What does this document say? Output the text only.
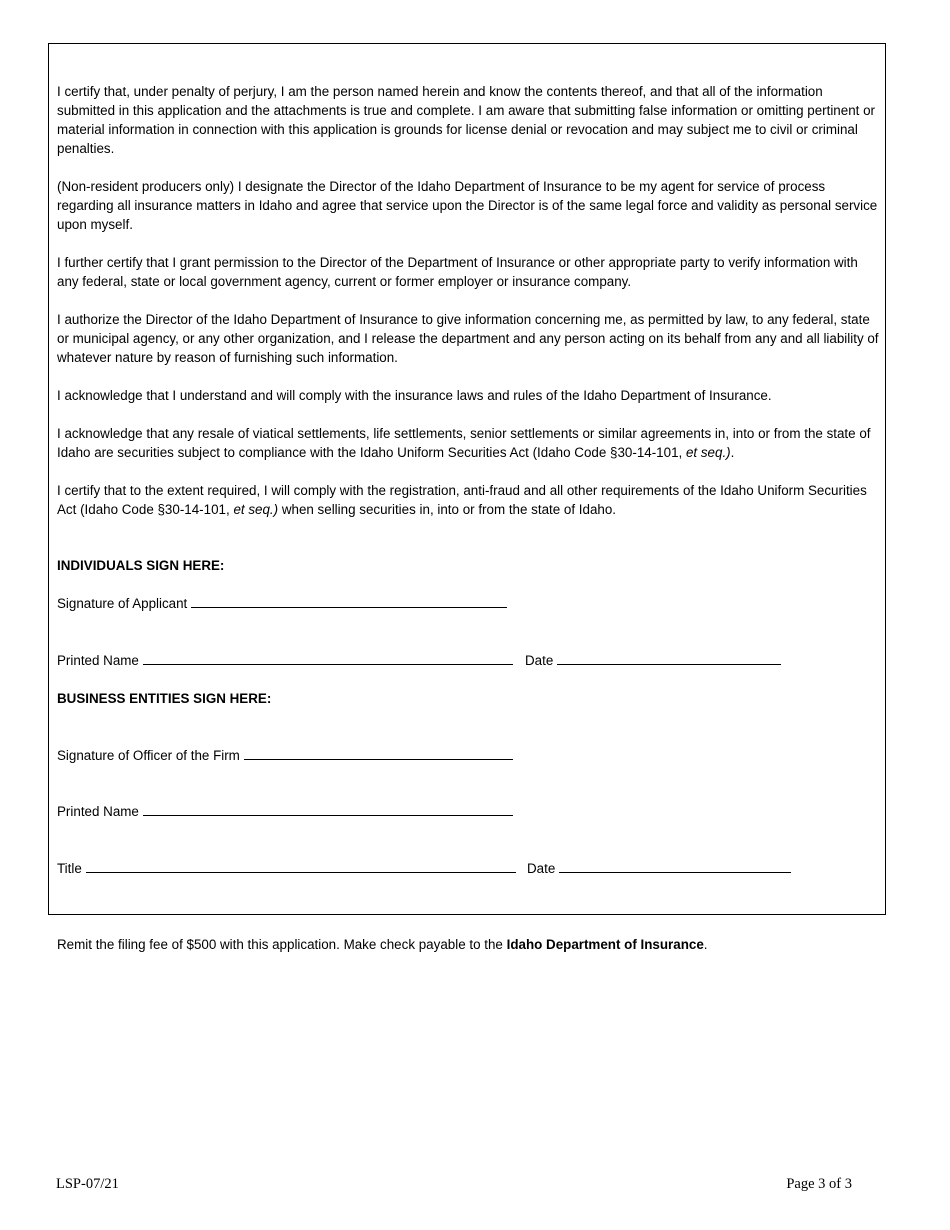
I certify that, under penalty of perjury, I am the person named herein and know the contents thereof, and that all of the information submitted in this application and the attachments is true and complete. I am aware that submitting false information or omitting pertinent or material information in connection with this application is grounds for license denial or revocation and may subject me to civil or criminal penalties.

(Non-resident producers only) I designate the Director of the Idaho Department of Insurance to be my agent for service of process regarding all insurance matters in Idaho and agree that service upon the Director is of the same legal force and validity as personal service upon myself.

I further certify that I grant permission to the Director of the Department of Insurance or other appropriate party to verify information with any federal, state or local government agency, current or former employer or insurance company.

I authorize the Director of the Idaho Department of Insurance to give information concerning me, as permitted by law, to any federal, state or municipal agency, or any other organization, and I release the department and any person acting on its behalf from any and all liability of whatever nature by reason of furnishing such information.

I acknowledge that I understand and will comply with the insurance laws and rules of the Idaho Department of Insurance.

I acknowledge that any resale of viatical settlements, life settlements, senior settlements or similar agreements in, into or from the state of Idaho are securities subject to compliance with the Idaho Uniform Securities Act (Idaho Code §30-14-101, et seq.).

I certify that to the extent required, I will comply with the registration, anti-fraud and all other requirements of the Idaho Uniform Securities Act (Idaho Code §30-14-101, et seq.) when selling securities in, into or from the state of Idaho.

INDIVIDUALS SIGN HERE:

Signature of Applicant
Printed Name	Date

BUSINESS ENTITIES SIGN HERE:

Signature of Officer of the Firm
Printed Name
Title	Date
Remit the filing fee of $500 with this application. Make check payable to the Idaho Department of Insurance.
LSP-07/21	Page 3 of 3
